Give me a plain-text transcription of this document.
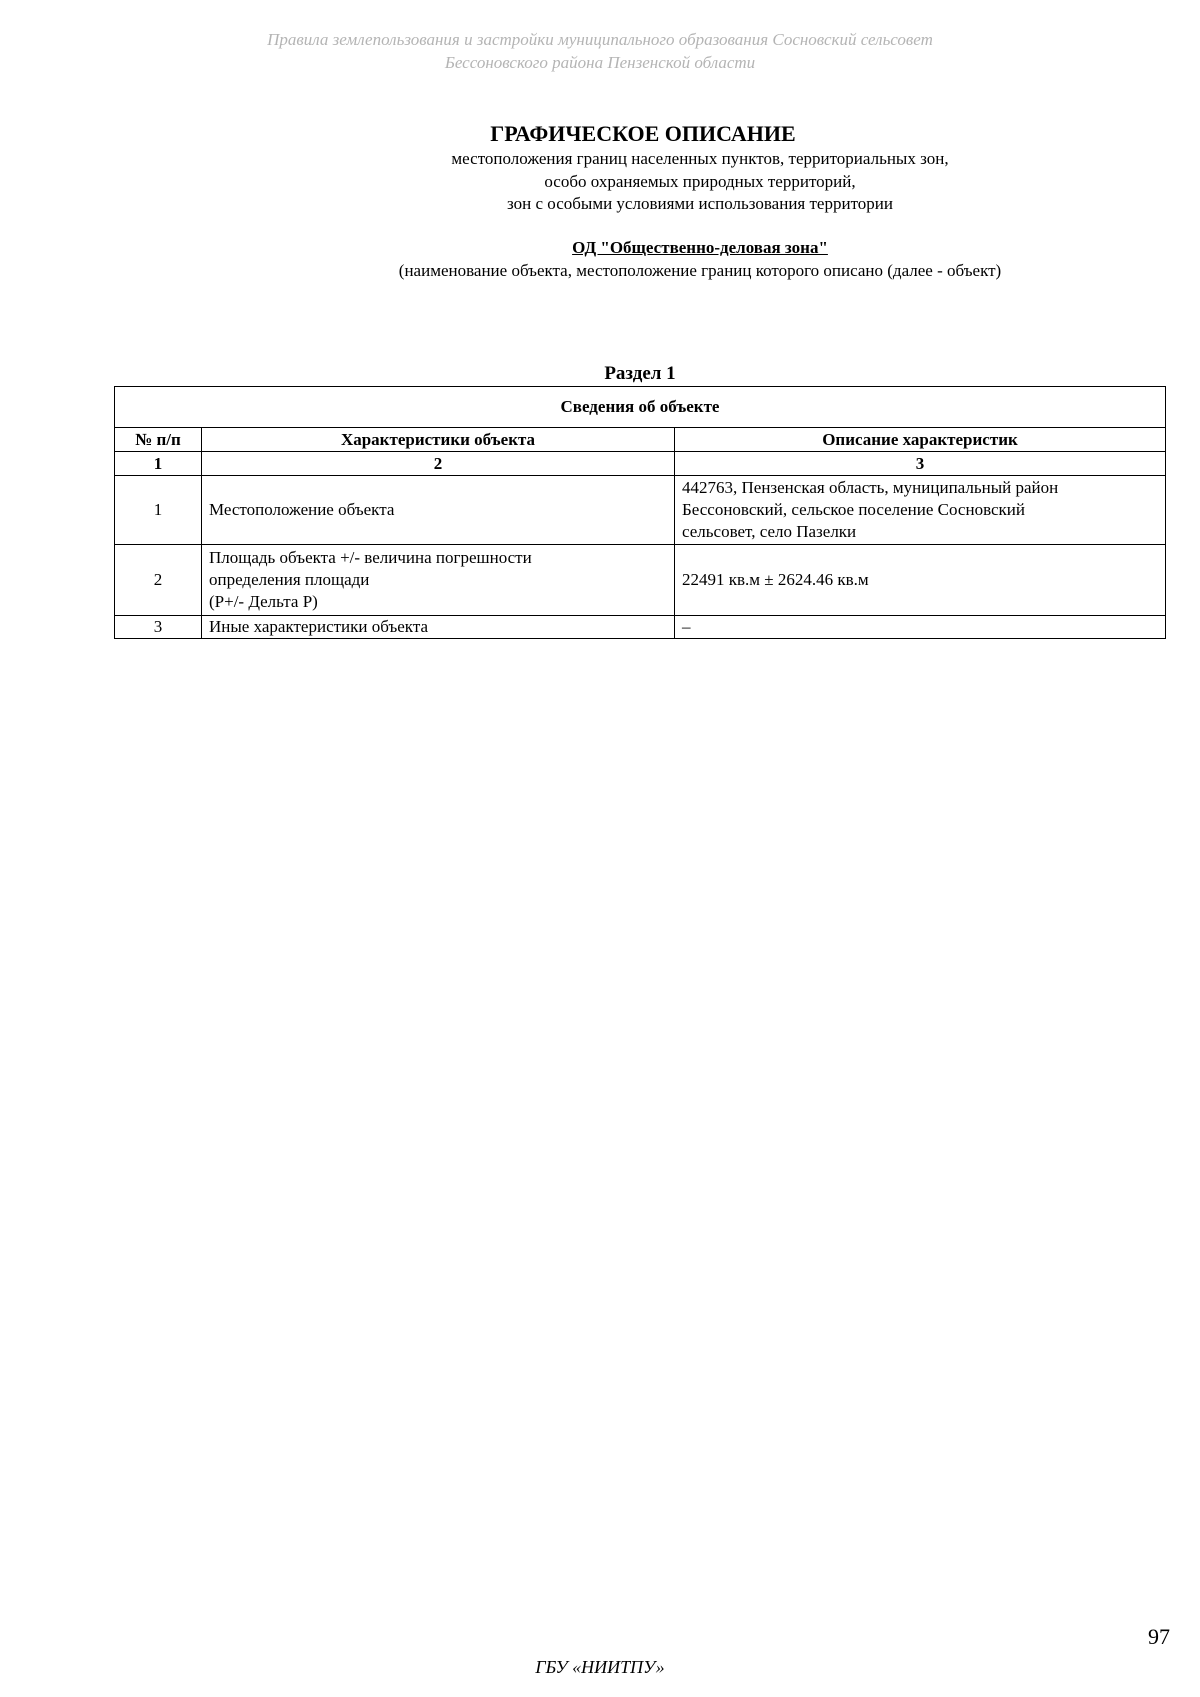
Правила землепользования и застройки муниципального образования Сосновский сельсовет
Бессоновского района Пензенской области
ГРАФИЧЕСКОЕ ОПИСАНИЕ
местоположения границ населенных пунктов, территориальных зон,
особо охраняемых природных территорий,
зон с особыми условиями использования территории
ОД "Общественно-деловая зона"
(наименование объекта, местоположение границ которого описано (далее - объект)
Раздел 1
Сведения об объекте		
№ п/п	Характеристики объекта	Описание характеристик
1	2	3
1	Местоположение объекта	442763, Пензенская область, муниципальный район
Бессоновский, сельское поселение Сосновский
сельсовет, село Пазелки

2	Площадь объекта +/- величина погрешности
определения площади
(Р+/- Дельта Р)	22491 кв.м ± 2624.46 кв.м
3	Иные характеристики объекта	–
97
ГБУ «НИИТПУ»
